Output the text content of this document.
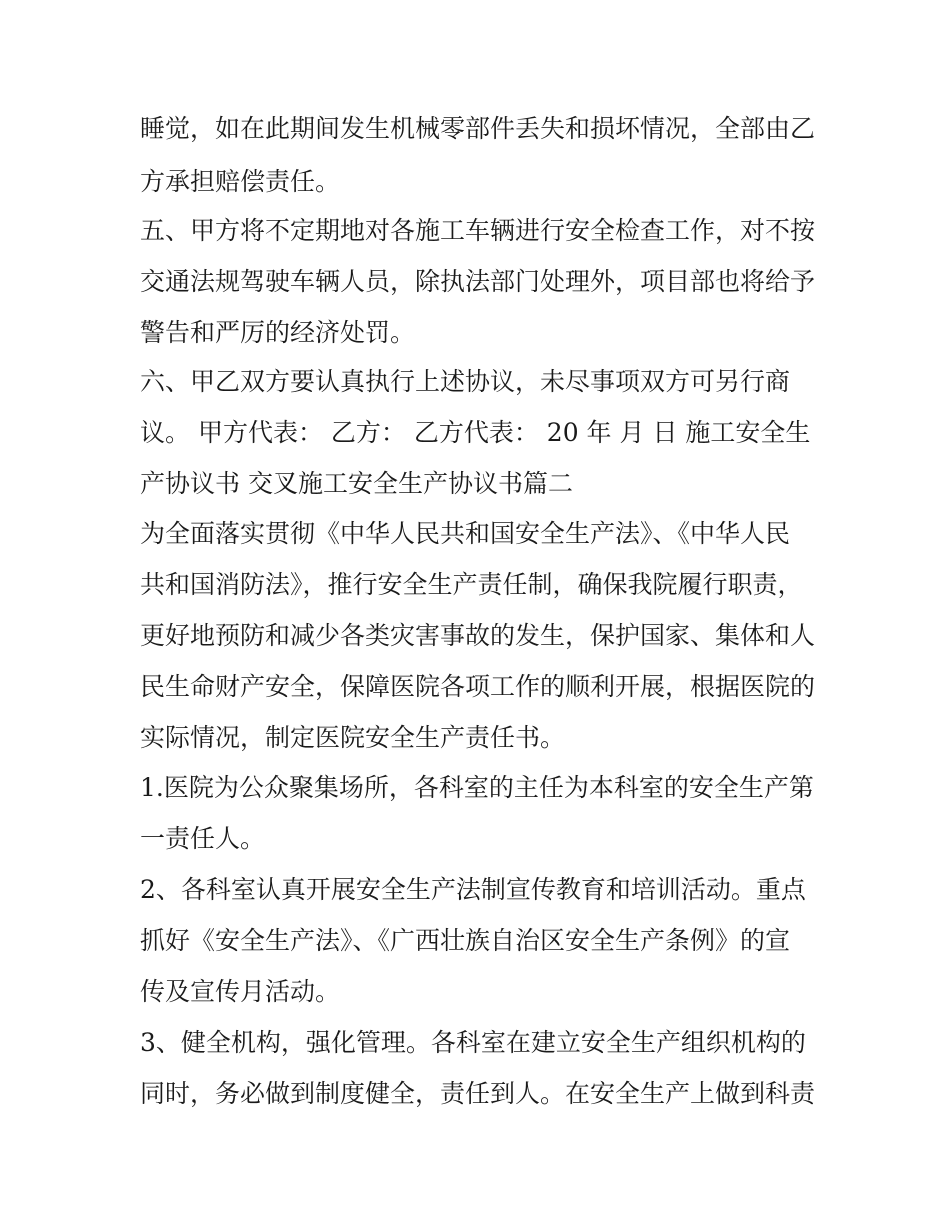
睡觉，如在此期间发生机械零部件丢失和损坏情况，全部由乙
方承担赔偿责任。
五、甲方将不定期地对各施工车辆进行安全检查工作，对不按
交通法规驾驶车辆人员，除执法部门处理外，项目部也将给予
警告和严厉的经济处罚。
六、甲乙双方要认真执行上述协议，未尽事项双方可另行商
议。 甲方代表： 乙方： 乙方代表： 20 年 月 日 施工安全生
产协议书 交叉施工安全生产协议书篇二
为全面落实贯彻《中华人民共和国安全生产法》、《中华人民
共和国消防法》，推行安全生产责任制，确保我院履行职责，
更好地预防和减少各类灾害事故的发生，保护国家、集体和人
民生命财产安全，保障医院各项工作的顺利开展，根据医院的
实际情况，制定医院安全生产责任书。
1.医院为公众聚集场所，各科室的主任为本科室的安全生产第
一责任人。
2、各科室认真开展安全生产法制宣传教育和培训活动。重点
抓好《安全生产法》、《广西壮族自治区安全生产条例》的宣
传及宣传月活动。
3、健全机构，强化管理。各科室在建立安全生产组织机构的
同时，务必做到制度健全，责任到人。在安全生产上做到科责
